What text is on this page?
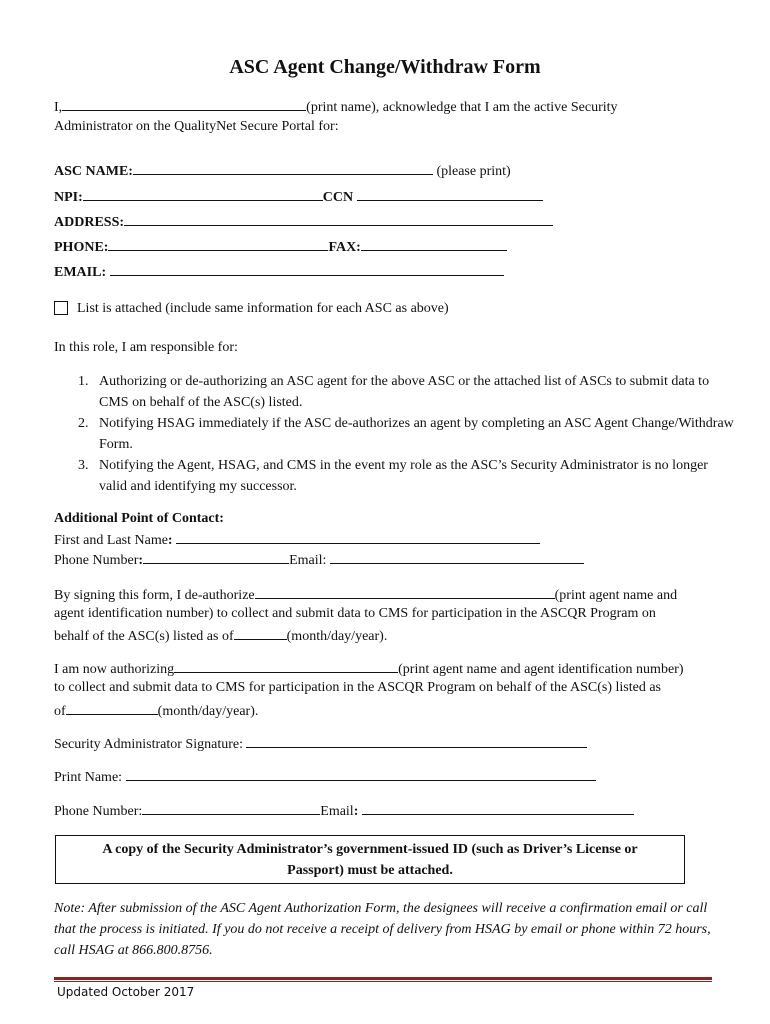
ASC Agent Change/Withdraw Form
I,	(print name), acknowledge that I am the active Security
Administrator on the QualityNet Secure Portal for:
ASC NAME:	(please print)
NPI:	CCN
ADDRESS:
PHONE:	FAX:
EMAIL:
List is attached (include same information for each ASC as above)
In this role, I am responsible for:
1. Authorizing or de-authorizing an ASC agent for the above ASC or the attached list of ASCs to submit data to CMS on behalf of the ASC(s) listed.
2. Notifying HSAG immediately if the ASC de-authorizes an agent by completing an ASC Agent Change/Withdraw Form.
3. Notifying the Agent, HSAG, and CMS in the event my role as the ASC’s Security Administrator is no longer valid and identifying my successor.
Additional Point of Contact:
First and Last Name:
Phone Number:	Email:
By signing this form, I de-authorize	(print agent name and
agent identification number) to collect and submit data to CMS for participation in the ASCQR Program on
behalf of the ASC(s) listed as of	(month/day/year).
I am now authorizing	(print agent name and agent identification number)
to collect and submit data to CMS for participation in the ASCQR Program on behalf of the ASC(s) listed as
of	(month/day/year).
Security Administrator Signature:
Print Name:
Phone Number:	Email:
A copy of the Security Administrator’s government-issued ID (such as Driver’s License or
Passport) must be attached.
Note: After submission of the ASC Agent Authorization Form, the designees will receive a confirmation email or call that the process is initiated. If you do not receive a receipt of delivery from HSAG by email or phone within 72 hours, call HSAG at 866.800.8756.
Updated October 2017
